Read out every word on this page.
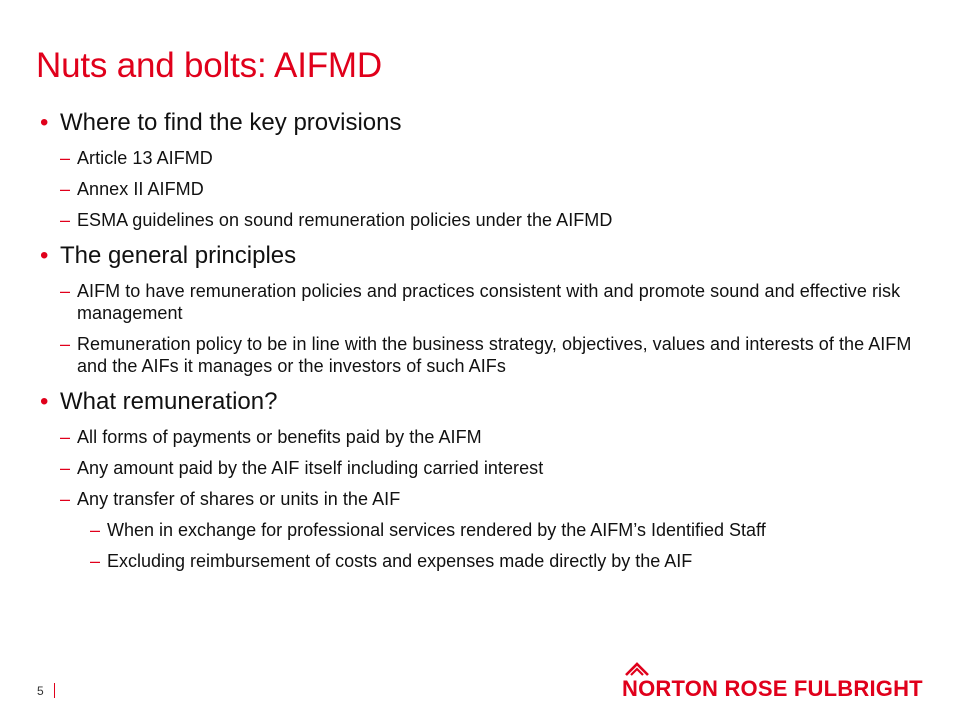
Nuts and bolts: AIFMD
• Where to find the key provisions
– Article 13 AIFMD
– Annex II AIFMD
– ESMA guidelines on sound remuneration policies under the AIFMD
• The general principles
– AIFM to have remuneration policies and practices consistent with and promote sound and effective risk management
– Remuneration policy to be in line with the business strategy, objectives, values and interests of the AIFM and the AIFs it manages or the investors of such AIFs
• What remuneration?
– All forms of payments or benefits paid by the AIFM
– Any amount paid by the AIF itself including carried interest
– Any transfer of shares or units in the AIF
– When in exchange for professional services rendered by the AIFM’s Identified Staff
– Excluding reimbursement of costs and expenses made directly by the AIF
5	NORTON ROSE FULBRIGHT
